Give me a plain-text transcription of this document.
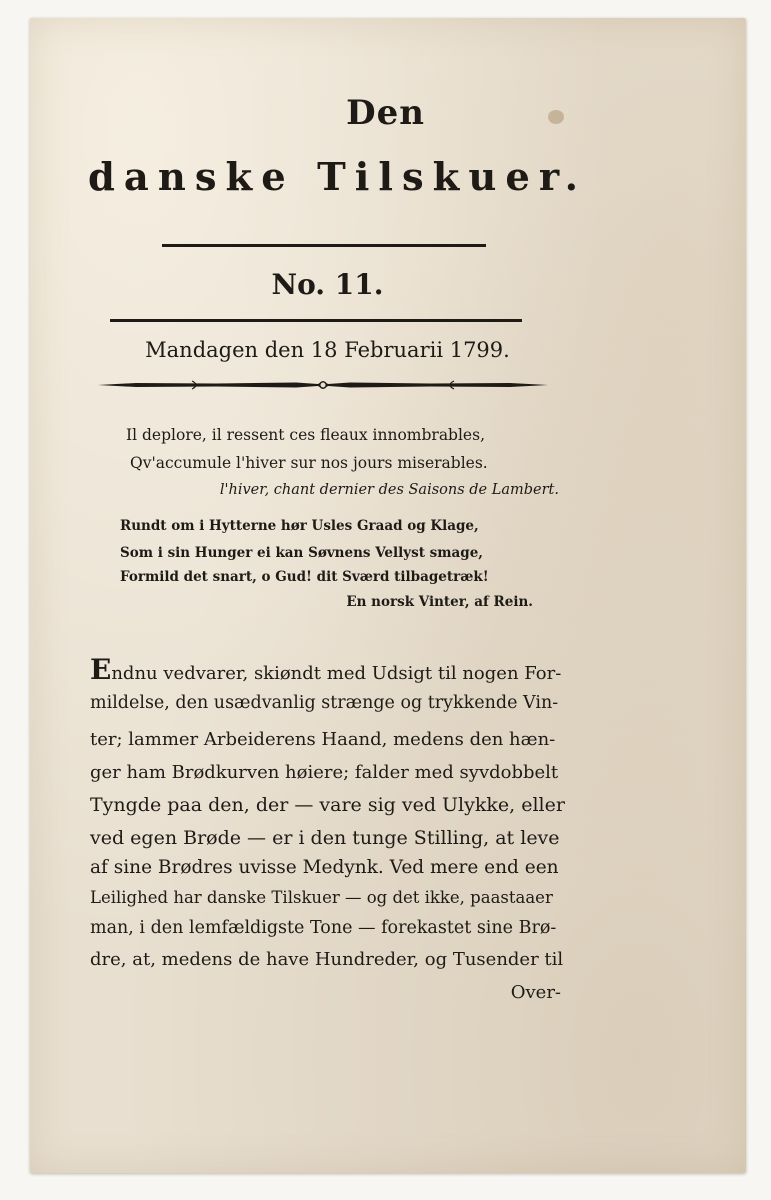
Den
danske Tilskuer.
No. 11.
Mandagen den 18 Februarii 1799.
Il deplore, il ressent ces fleaux innombrables,
Qv'accumule l'hiver sur nos jours miserables.
l'hiver, chant dernier des Saisons de Lambert.
Rundt om i Hytterne hør Usles Graad og Klage,
Som i sin Hunger ei kan Søvnens Vellyst smage,
Formild det snart, o Gud! dit Sværd tilbagetræk!
En norsk Vinter, af Rein.
Endnu vedvarer, skiøndt med Udsigt til nogen For-
mildelse, den usædvanlig strænge og trykkende Vin-
ter; lammer Arbeiderens Haand, medens den hæn-
ger ham Brødkurven høiere; falder med syvdobbelt
Tyngde paa den, der — vare sig ved Ulykke, eller
ved egen Brøde — er i den tunge Stilling, at leve
af sine Brødres uvisse Medynk. Ved mere end een
Leilighed har danske Tilskuer — og det ikke, paastaaer
man, i den lemfældigste Tone — forekastet sine Brø-
dre, at, medens de have Hundreder, og Tusender til
Over-
